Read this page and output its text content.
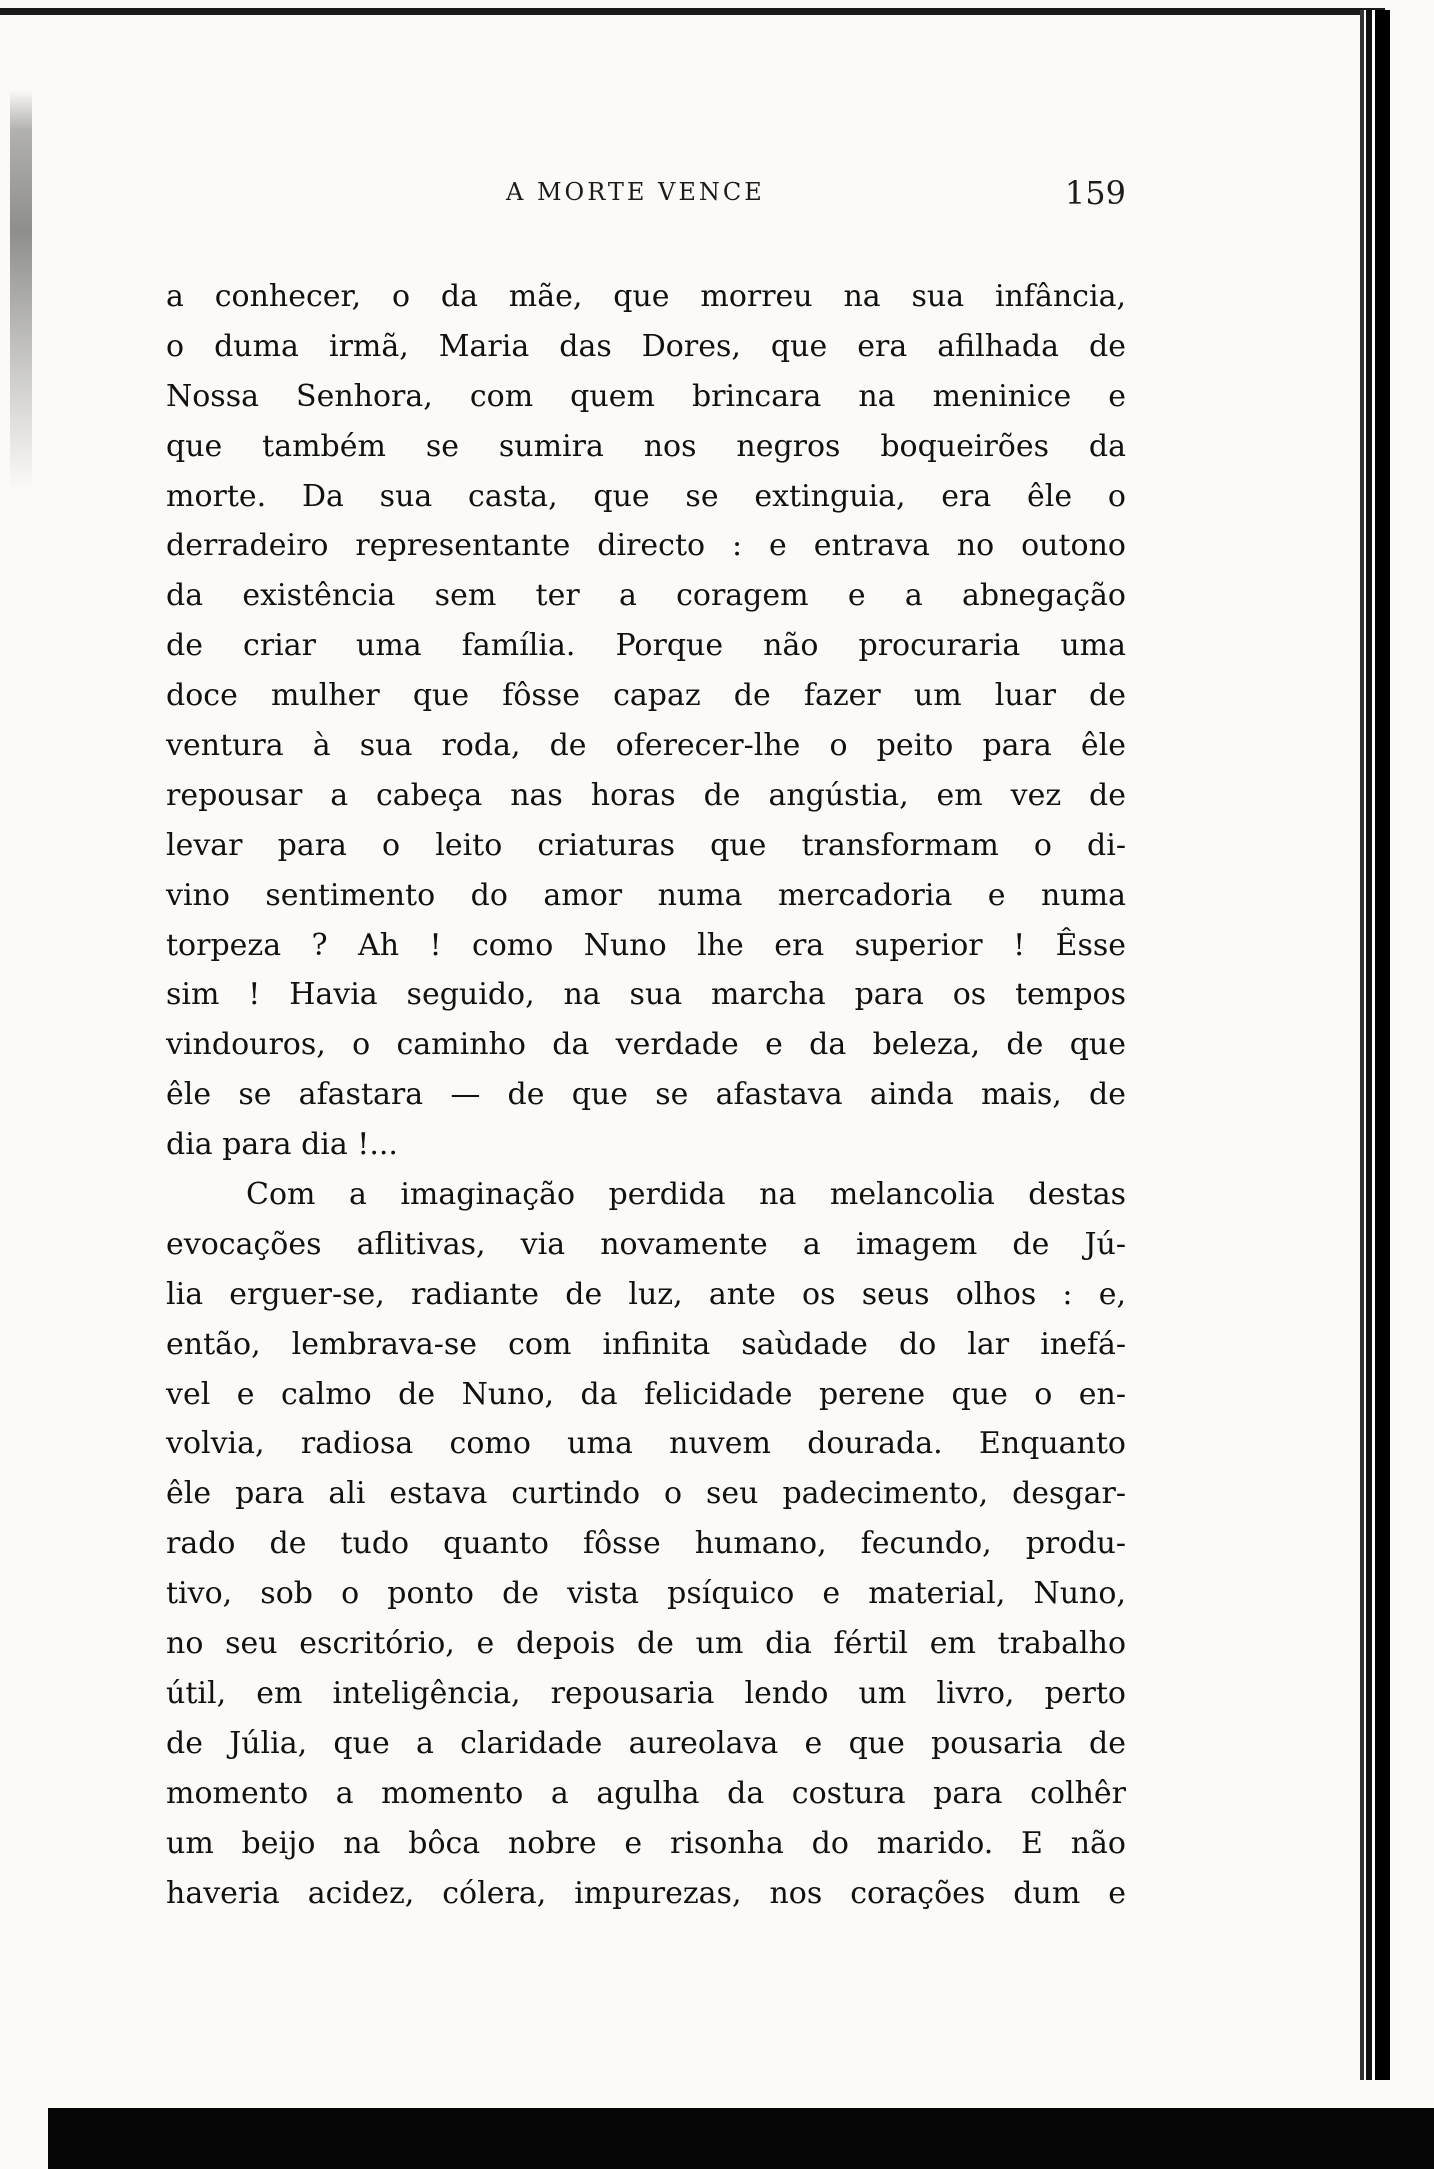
A MORTE VENCE	159
a conhecer, o da mãe, que morreu na sua infância,
o duma irmã, Maria das Dores, que era afilhada de
Nossa Senhora, com quem brincara na meninice e
que também se sumira nos negros boqueirões da
morte. Da sua casta, que se extinguia, era êle o
derradeiro representante directo : e entrava no outono
da existência sem ter a coragem e a abnegação
de criar uma família. Porque não procuraria uma
doce mulher que fôsse capaz de fazer um luar de
ventura à sua roda, de oferecer-lhe o peito para êle
repousar a cabeça nas horas de angústia, em vez de
levar para o leito criaturas que transformam o di-
vino sentimento do amor numa mercadoria e numa
torpeza ? Ah ! como Nuno lhe era superior ! Êsse
sim ! Havia seguido, na sua marcha para os tempos
vindouros, o caminho da verdade e da beleza, de que
êle se afastara — de que se afastava ainda mais, de
dia para dia !...
Com a imaginação perdida na melancolia destas
evocações aflitivas, via novamente a imagem de Jú-
lia erguer-se, radiante de luz, ante os seus olhos : e,
então, lembrava-se com infinita saùdade do lar inefá-
vel e calmo de Nuno, da felicidade perene que o en-
volvia, radiosa como uma nuvem dourada. Enquanto
êle para ali estava curtindo o seu padecimento, desgar-
rado de tudo quanto fôsse humano, fecundo, produ-
tivo, sob o ponto de vista psíquico e material, Nuno,
no seu escritório, e depois de um dia fértil em trabalho
útil, em inteligência, repousaria lendo um livro, perto
de Júlia, que a claridade aureolava e que pousaria de
momento a momento a agulha da costura para colhêr
um beijo na bôca nobre e risonha do marido. E não
haveria acidez, cólera, impurezas, nos corações dum e
